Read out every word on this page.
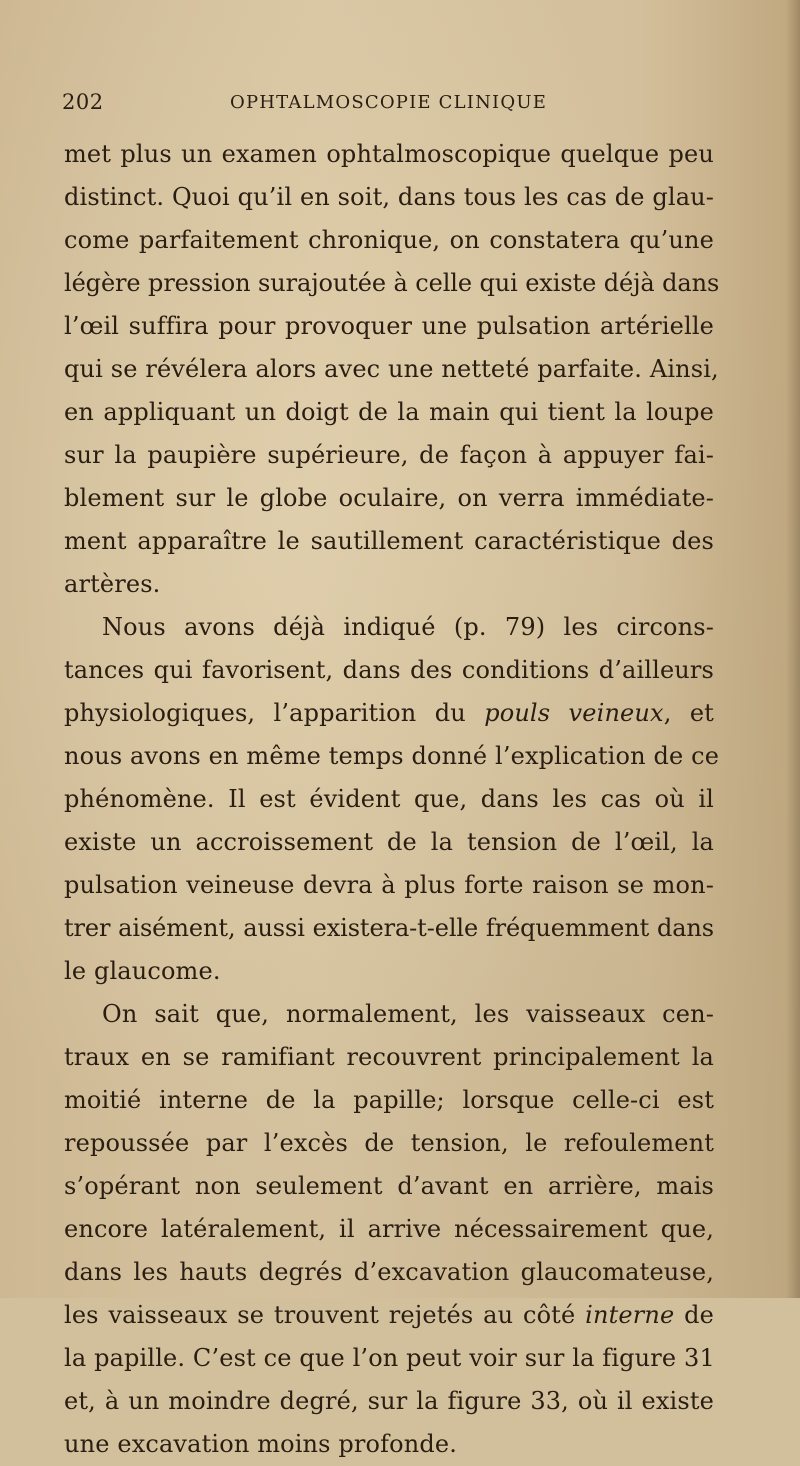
202	OPHTALMOSCOPIE CLINIQUE
met plus un examen ophtalmoscopique quelque peu
distinct. Quoi qu’il en soit, dans tous les cas de glau-
come parfaitement chronique, on constatera qu’une
légère pression surajoutée à celle qui existe déjà dans
l’œil suffira pour provoquer une pulsation artérielle
qui se révélera alors avec une netteté parfaite. Ainsi,
en appliquant un doigt de la main qui tient la loupe
sur la paupière supérieure, de façon à appuyer fai-
blement sur le globe oculaire, on verra immédiate-
ment apparaître le sautillement caractéristique des
artères.
Nous avons déjà indiqué (p. 79) les circons-
tances qui favorisent, dans des conditions d’ailleurs
physiologiques, l’apparition du pouls veineux, et
nous avons en même temps donné l’explication de ce
phénomène. Il est évident que, dans les cas où il
existe un accroissement de la tension de l’œil, la
pulsation veineuse devra à plus forte raison se mon-
trer aisément, aussi existera-t-elle fréquemment dans
le glaucome.
On sait que, normalement, les vaisseaux cen-
traux en se ramifiant recouvrent principalement la
moitié interne de la papille; lorsque celle-ci est
repoussée par l’excès de tension, le refoulement
s’opérant non seulement d’avant en arrière, mais
encore latéralement, il arrive nécessairement que,
dans les hauts degrés d’excavation glaucomateuse,
les vaisseaux se trouvent rejetés au côté interne de
la papille. C’est ce que l’on peut voir sur la figure 31
et, à un moindre degré, sur la figure 33, où il existe
une excavation moins profonde.
